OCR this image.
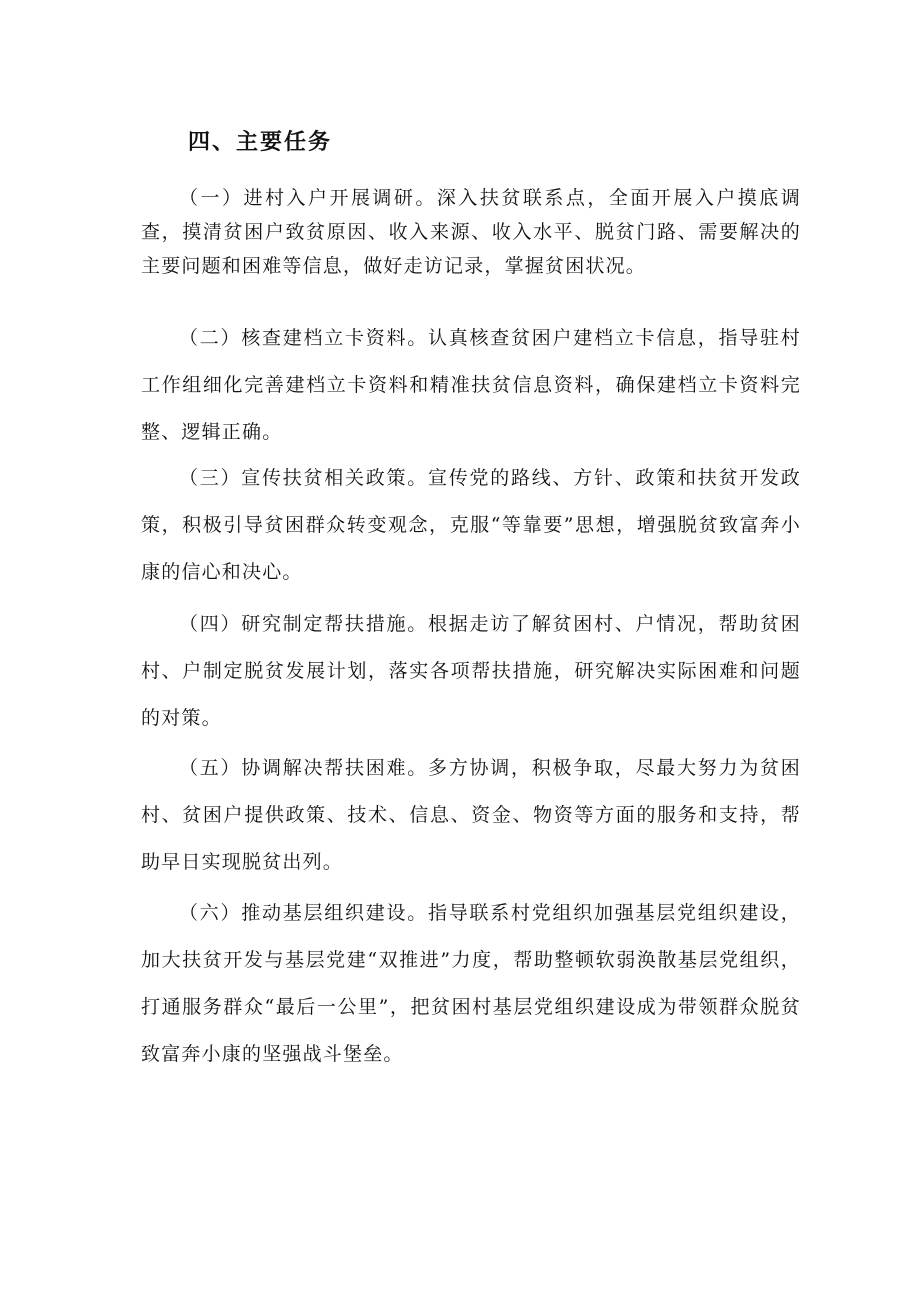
四、主要任务

（一）进村入户开展调研。深入扶贫联系点，全面开展入户摸底调查，摸清贫困户致贫原因、收入来源、收入水平、脱贫门路、需要解决的主要问题和困难等信息，做好走访记录，掌握贫困状况。

（二）核查建档立卡资料。认真核查贫困户建档立卡信息，指导驻村工作组细化完善建档立卡资料和精准扶贫信息资料，确保建档立卡资料完整、逻辑正确。

（三）宣传扶贫相关政策。宣传党的路线、方针、政策和扶贫开发政策，积极引导贫困群众转变观念，克服“等靠要”思想，增强脱贫致富奔小康的信心和决心。

（四）研究制定帮扶措施。根据走访了解贫困村、户情况，帮助贫困村、户制定脱贫发展计划，落实各项帮扶措施，研究解决实际困难和问题的对策。

（五）协调解决帮扶困难。多方协调，积极争取，尽最大努力为贫困村、贫困户提供政策、技术、信息、资金、物资等方面的服务和支持，帮助早日实现脱贫出列。

（六）推动基层组织建设。指导联系村党组织加强基层党组织建设，加大扶贫开发与基层党建“双推进”力度，帮助整顿软弱涣散基层党组织，打通服务群众“最后一公里”，把贫困村基层党组织建设成为带领群众脱贫致富奔小康的坚强战斗堡垒。
